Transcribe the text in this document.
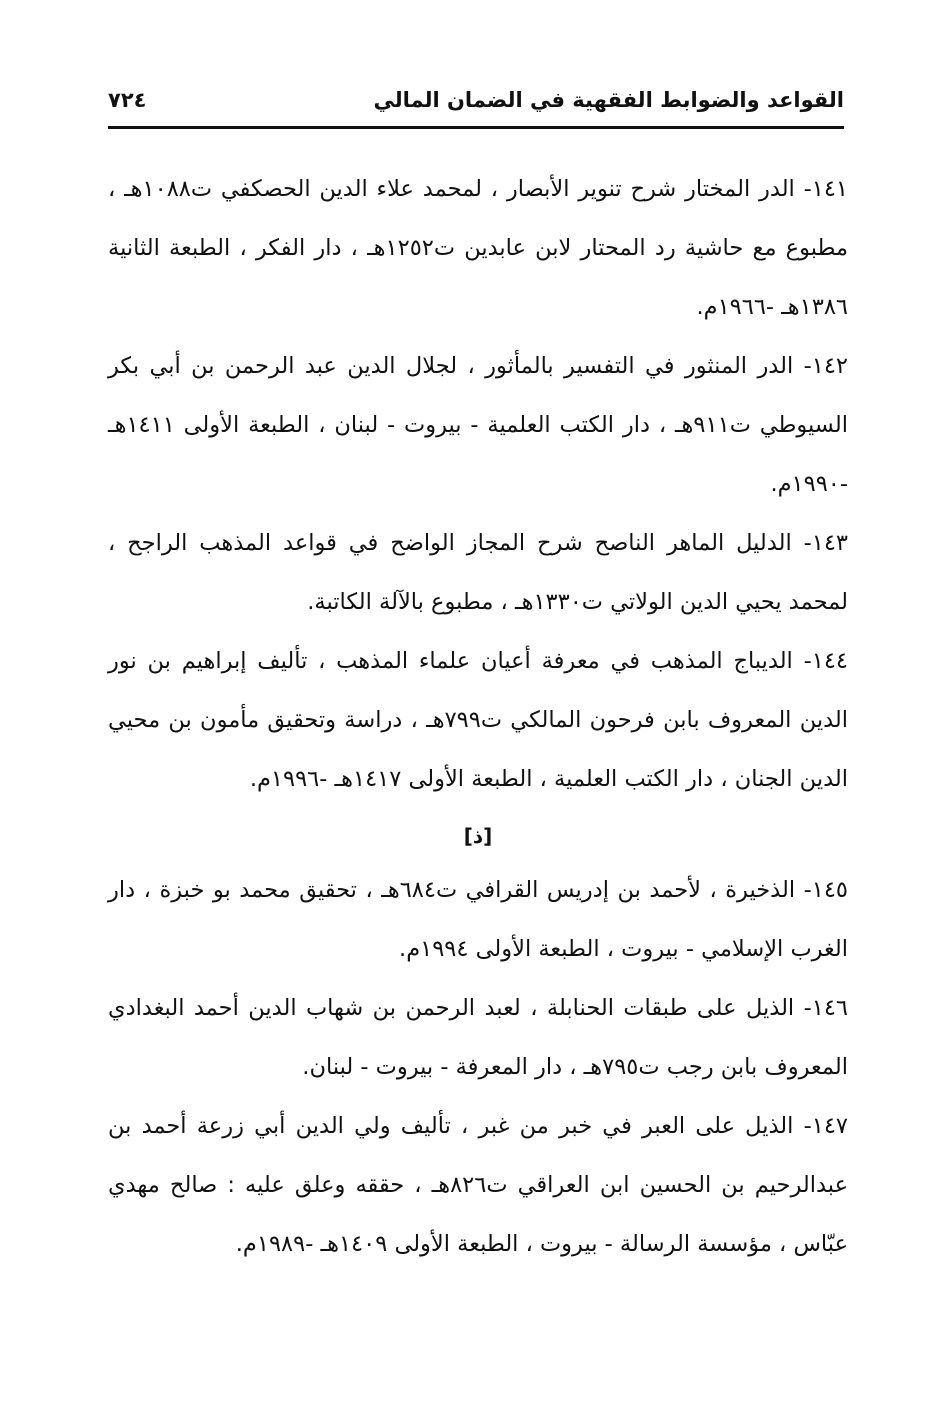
القواعد والضوابط الفقهية في الضمان المالي
٧٢٤

١٤١- الدر المختار شرح تنوير الأبصار ، لمحمد علاء الدين الحصكفي ت١٠٨٨هـ ، مطبوع مع حاشية رد المحتار لابن عابدين ت١٢٥٢هـ ، دار الفكر ، الطبعة الثانية ١٣٨٦هـ -١٩٦٦م.

١٤٢- الدر المنثور في التفسير بالمأثور ، لجلال الدين عبد الرحمن بن أبي بكر السيوطي ت٩١١هـ ، دار الكتب العلمية - بيروت - لبنان ، الطبعة الأولى ١٤١١هـ -١٩٩٠م.

١٤٣- الدليل الماهر الناصح شرح المجاز الواضح في قواعد المذهب الراجح ، لمحمد يحيي الدين الولاتي ت١٣٣٠هـ ، مطبوع بالآلة الكاتبة.

١٤٤- الديباج المذهب في معرفة أعيان علماء المذهب ، تأليف إبراهيم بن نور الدين المعروف بابن فرحون المالكي ت٧٩٩هـ ، دراسة وتحقيق مأمون بن محيي الدين الجنان ، دار الكتب العلمية ، الطبعة الأولى ١٤١٧هـ -١٩٩٦م.

[ذ]

١٤٥- الذخيرة ، لأحمد بن إدريس القرافي ت٦٨٤هـ ، تحقيق محمد بو خبزة ، دار الغرب الإسلامي - بيروت ، الطبعة الأولى ١٩٩٤م.

١٤٦- الذيل على طبقات الحنابلة ، لعبد الرحمن بن شهاب الدين أحمد البغدادي المعروف بابن رجب ت٧٩٥هـ ، دار المعرفة - بيروت - لبنان.

١٤٧- الذيل على العبر في خبر من غبر ، تأليف ولي الدين أبي زرعة أحمد بن عبدالرحيم بن الحسين ابن العراقي ت٨٢٦هـ ، حققه وعلق عليه : صالح مهدي عبّاس ، مؤسسة الرسالة - بيروت ، الطبعة الأولى ١٤٠٩هـ -١٩٨٩م.
